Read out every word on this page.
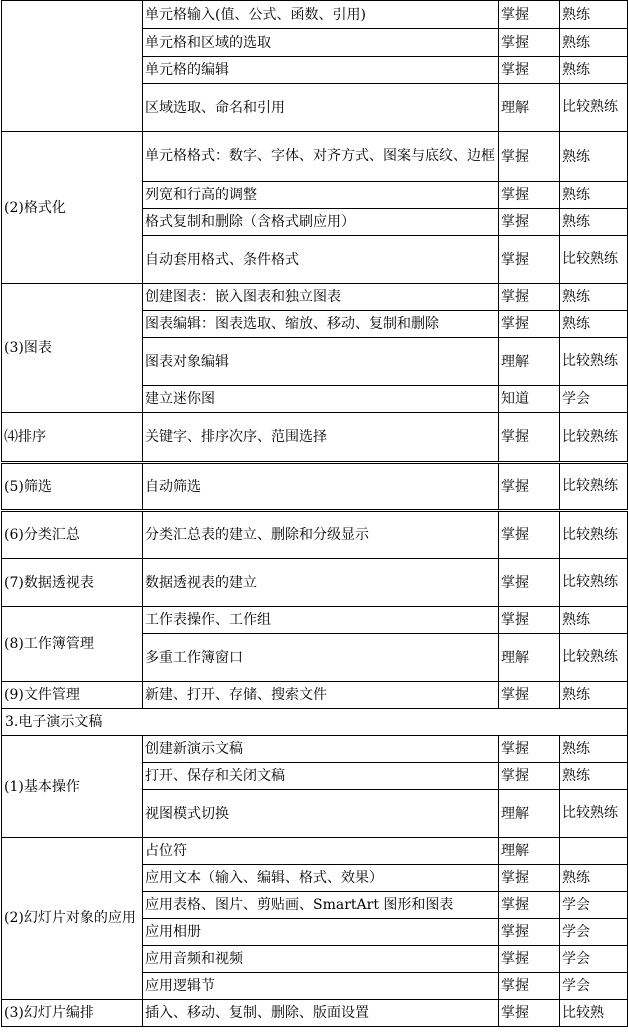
	单元格输入(值、公式、函数、引用)	掌握	熟练
	单元格和区域的选取	掌握	熟练
	单元格的编辑	掌握	熟练
	区域选取、命名和引用	理解	比较熟练
(2)格式化	单元格格式：数字、字体、对齐方式、图案与底纹、边框	掌握	熟练
	列宽和行高的调整	掌握	熟练
	格式复制和删除（含格式刷应用）	掌握	熟练
	自动套用格式、条件格式	掌握	比较熟练
(3)图表	创建图表：嵌入图表和独立图表	掌握	熟练
	图表编辑：图表选取、缩放、移动、复制和删除	掌握	熟练
	图表对象编辑	理解	比较熟练
	建立迷你图	知道	学会
⑷排序	关键字、排序次序、范围选择	掌握	比较熟练
(5)筛选	自动筛选	掌握	比较熟练
(6)分类汇总	分类汇总表的建立、删除和分级显示	掌握	比较熟练
(7)数据透视表	数据透视表的建立	掌握	比较熟练
(8)工作簿管理	工作表操作、工作组	掌握	熟练
	多重工作簿窗口	理解	比较熟练
(9)文件管理	新建、打开、存储、搜索文件	掌握	熟练
3.电子演示文稿			
(1)基本操作	创建新演示文稿	掌握	熟练
	打开、保存和关闭文稿	掌握	熟练
	视图模式切换	理解	比较熟练
(2)幻灯片对象的应用	占位符	理解	
	应用文本（输入、编辑、格式、效果）	掌握	熟练
	应用表格、图片、剪贴画、SmartArt 图形和图表	掌握	学会
	应用相册	掌握	学会
	应用音频和视频	掌握	学会
	应用逻辑节	掌握	学会
(3)幻灯片编排	插入、移动、复制、删除、版面设置	掌握	比较熟
